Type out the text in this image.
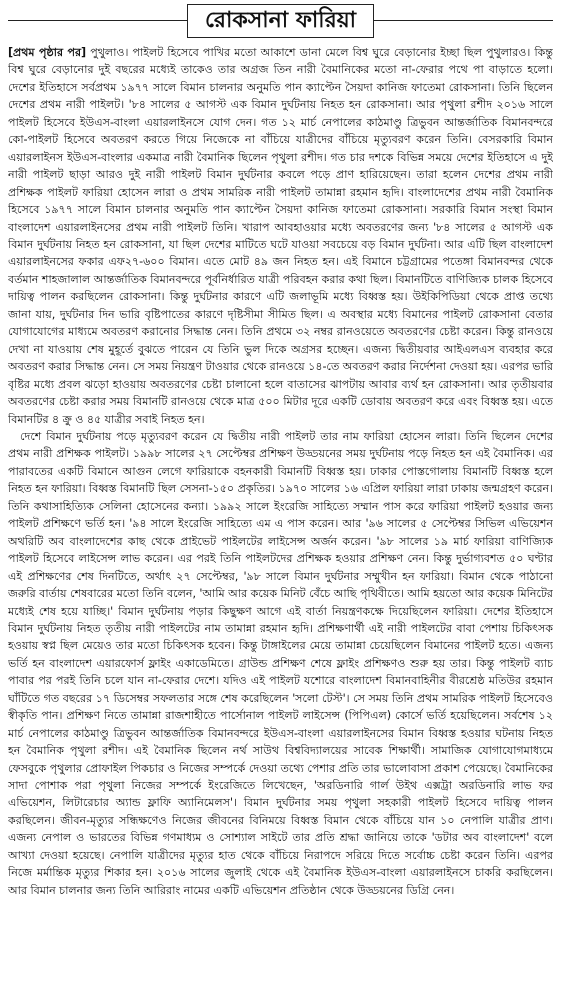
রোকসানা ফারিয়া

[প্রথম পৃষ্ঠার পর] পুথুলাও। পাইলট হিসেবে পাখির মতো আকাশে ডানা মেলে বিশ্ব ঘুরে বেড়ানোর ইচ্ছা ছিল পুথুলারও। কিন্তু বিশ্ব ঘুরে বেড়ানোর দুই বছরের মধ্যেই তাকেও তার অগ্রজ তিন নারী বৈমানিকের মতো না-ফেরার পথে পা বাড়াতে হলো। দেশের ইতিহাসে সর্বপ্রথম ১৯৭৭ সালে বিমান চালনার অনুমতি পান ক্যাপ্টেন সৈয়দা কানিজ ফাতেমা রোকসানা। তিনি ছিলেন দেশের প্রথম নারী পাইলট। '৮৪ সালের ৫ আগস্ট এক বিমান দুর্ঘটনায় নিহত হন রোকসানা। আর পৃথুলা রশীদ ২০১৬ সালে পাইলট হিসেবে ইউএস-বাংলা এয়ারলাইনসে যোগ দেন। গত ১২ মার্চ নেপালের কাঠমাণ্ডু ত্রিভুবন আন্তর্জাতিক বিমানবন্দরে কো-পাইলট হিসেবে অবতরণ করতে গিয়ে নিজেকে না বাঁচিয়ে যাত্রীদের বাঁচিয়ে মৃত্যুবরণ করেন তিনি। বেসরকারি বিমান এয়ারলাইনস ইউএস-বাংলার একমাত্র নারী বৈমানিক ছিলেন পৃথুলা রশীদ। গত চার দশকে বিভিন্ন সময়ে দেশের ইতিহাসে এ দুই নারী পাইলট ছাড়া আরও দুই নারী পাইলট বিমান দুর্ঘটনার কবলে পড়ে প্রাণ হারিয়েছেন। তারা হলেন দেশের প্রথম নারী প্রশিক্ষক পাইলট ফারিয়া হোসেন লারা ও প্রথম সামরিক নারী পাইলট তামান্না রহমান হৃদি। বাংলাদেশের প্রথম নারী বৈমানিক হিসেবে ১৯৭৭ সালে বিমান চালনার অনুমতি পান ক্যাপ্টেন সৈয়দা কানিজ ফাতেমা রোকসানা। সরকারি বিমান সংস্থা বিমান বাংলাদেশ এয়ারলাইনসের প্রথম নারী পাইলট তিনি। খারাপ আবহাওয়ার মধ্যে অবতরণের জন্য '৮৪ সালের ৫ আগস্ট এক বিমান দুর্ঘটনায় নিহত হন রোকসানা, যা ছিল দেশের মাটিতে ঘটে যাওয়া সবচেয়ে বড় বিমান দুর্ঘটনা। আর এটি ছিল বাংলাদেশ এয়ারলাইনসের ফকার এফ২৭-৬০০ বিমান। এতে মোট ৪৯ জন নিহত হন। এই বিমানে চট্টগ্রামের পতেঙ্গা বিমানবন্দর থেকে বর্তমান শাহজালাল আন্তর্জাতিক বিমানবন্দরে পূর্বনির্ধারিত যাত্রী পরিবহন করার কথা ছিল। বিমানটিতে বাণিজ্যিক চালক হিসেবে দায়িত্ব পালন করছিলেন রোকসানা। কিন্তু দুর্ঘটনার কারণে এটি জলাভূমি মধ্যে বিধ্বস্ত হয়। উইকিপিডিয়া থেকে প্রাপ্ত তথ্যে জানা যায়, দুর্ঘটনার দিন ভারি বৃষ্টিপাতের কারণে দৃষ্টিসীমা সীমিত ছিল। এ অবস্থার মধ্যে বিমানের পাইলট রোকসানা বেতার যোগাযোগের মাধ্যমে অবতরণ করানোর সিদ্ধান্ত নেন। তিনি প্রথমে ৩২ নম্বর রানওয়েতে অবতরণের চেষ্টা করেন। কিন্তু রানওয়ে দেখা না যাওয়ায় শেষ মুহূর্তে বুঝতে পারেন যে তিনি ভুল দিকে অগ্রসর হচ্ছেন। এজন্য দ্বিতীয়বার আইএলএস ব্যবহার করে অবতরণ করার সিদ্ধান্ত নেন। সে সময় নিয়ন্ত্রণ টাওয়ার থেকে রানওয়ে ১৪-তে অবতরণ করার নির্দেশনা দেওয়া হয়। এরপর ভারি বৃষ্টির মধ্যে প্রবল ঝড়ো হাওয়ায় অবতরণের চেষ্টা চালানো হলে বাতাসের ঝাপটায় আবার ব্যর্থ হন রোকসানা। আর তৃতীয়বার অবতরণের চেষ্টা করার সময় বিমানটি রানওয়ে থেকে মাত্র ৫০০ মিটার দূরে একটি ডোবায় অবতরণ করে এবং বিধ্বস্ত হয়। এতে বিমানটির ৪ ক্রু ও ৪৫ যাত্রীর সবাই নিহত হন।

দেশে বিমান দুর্ঘটনায় পড়ে মৃত্যুবরণ করেন যে দ্বিতীয় নারী পাইলট তার নাম ফারিয়া হোসেন লারা। তিনি ছিলেন দেশের প্রথম নারী প্রশিক্ষক পাইলট। ১৯৯৮ সালের ২৭ সেপ্টেম্বর প্রশিক্ষণ উড্ডয়নের সময় দুর্ঘটনায় পড়ে নিহত হন এই বৈমানিক। এর পারাবতের একটি বিমানে আগুন লেগে ফারিয়াকে বহনকারী বিমানটি বিধ্বস্ত হয়। ঢাকার পোস্তগোলায় বিমানটি বিধ্বস্ত হলে নিহত হন ফারিয়া। বিধ্বস্ত বিমানটি ছিল সেসনা-১৫০ প্রকৃতির। ১৯৭০ সালের ১৬ এপ্রিল ফারিয়া লারা ঢাকায় জন্মগ্রহণ করেন। তিনি কথাসাহিত্যিক সেলিনা হোসেনের কন্যা। ১৯৯২ সালে ইংরেজি সাহিত্যে সম্মান পাস করে ফারিয়া পাইলট হওয়ার জন্য পাইলট প্রশিক্ষণে ভর্তি হন। '৯৪ সালে ইংরেজি সাহিত্যে এম এ পাস করেন। আর '৯৬ সালের ৫ সেপ্টেম্বর সিভিল এভিয়েশন অথরিটি অব বাংলাদেশের কাছ থেকে প্রাইভেট পাইলটের লাইসেন্স অর্জন করেন। '৯৮ সালের ১৯ মার্চ ফারিয়া বাণিজ্যিক পাইলট হিসেবে লাইসেন্স লাভ করেন। এর পরই তিনি পাইলটদের প্রশিক্ষক হওয়ার প্রশিক্ষণ নেন। কিন্তু দুর্ভাগ্যবশত ৫০ ঘণ্টার এই প্রশিক্ষণের শেষ দিনটিতে, অর্থাৎ ২৭ সেপ্টেম্বর, '৯৮ সালে বিমান দুর্ঘটনার সম্মুখীন হন ফারিয়া। বিমান থেকে পাঠানো জরুরি বার্তায় শেষবারের মতো তিনি বলেন, 'আমি আর কয়েক মিনিট বেঁচে আছি পৃথিবীতে। আমি হয়তো আর কয়েক মিনিটের মধ্যেই শেষ হয়ে যাচ্ছি।' বিমান দুর্ঘটনায় পড়ার কিছুক্ষণ আগে এই বার্তা নিয়ন্ত্রণকক্ষে দিয়েছিলেন ফারিয়া। দেশের ইতিহাসে বিমান দুর্ঘটনায় নিহত তৃতীয় নারী পাইলটের নাম তামান্না রহমান হৃদি। প্রশিক্ষণার্থী এই নারী পাইলটের বাবা পেশায় চিকিৎসক হওয়ায় স্বপ্ন ছিল মেয়েও তার মতো চিকিৎসক হবেন। কিন্তু টাঙ্গাইলের মেয়ে তামান্না চেয়েছিলেন বিমানের পাইলট হতে। এজন্য ভর্তি হন বাংলাদেশ এয়ারফোর্স ফ্লাইং একাডেমিতে। গ্রাউন্ড প্রশিক্ষণ শেষে ফ্লাইং প্রশিক্ষণও শুরু হয় তার। কিন্তু পাইলট ব্যাচ পাবার পর পরই তিনি চলে যান না-ফেরার দেশে। যদিও এই পাইলট যশোরে বাংলাদেশ বিমানবাহিনীর বীরশ্রেষ্ঠ মতিউর রহমান ঘাঁটিতে গত বছরের ১৭ ডিসেম্বর সফলতার সঙ্গে শেষ করেছিলেন 'সলো টেস্ট'। সে সময় তিনি প্রথম সামরিক পাইলট হিসেবেও স্বীকৃতি পান। প্রশিক্ষণ নিতে তামান্না রাজশাহীতে পার্সোনাল পাইলট লাইসেন্স (পিপিএল) কোর্সে ভর্তি হয়েছিলেন। সর্বশেষ ১২ মার্চ নেপালের কাঠমাণ্ডু ত্রিভুবন আন্তর্জাতিক বিমানবন্দরে ইউএস-বাংলা এয়ারলাইনসের বিমান বিধ্বস্ত হওয়ার ঘটনায় নিহত হন বৈমানিক পৃথুলা রশীদ। এই বৈমানিক ছিলেন নর্থ সাউথ বিশ্ববিদ্যালয়ের সাবেক শিক্ষার্থী। সামাজিক যোগাযোগমাধ্যমে ফেসবুকে পৃথুলার প্রোফাইল পিকচার ও নিজের সম্পর্কে দেওয়া তথ্যে পেশার প্রতি তার ভালোবাসা প্রকাশ পেয়েছে। বৈমানিকের সাদা পোশাক পরা পৃথুলা নিজের সম্পর্কে ইংরেজিতে লিখেছেন, 'অরডিনারি গার্ল উইথ এক্সট্রা অরডিনারি লাভ ফর এভিয়েশন, লিটারেচার অ্যান্ড ফ্লাফি অ্যানিমেলস'। বিমান দুর্ঘটনার সময় পৃথুলা সহকারী পাইলট হিসেবে দায়িত্ব পালন করছিলেন। জীবন-মৃত্যুর সন্ধিক্ষণেও নিজের জীবনের বিনিময়ে বিধ্বস্ত বিমান থেকে বাঁচিয়ে যান ১০ নেপালি যাত্রীর প্রাণ। এজন্য নেপাল ও ভারতের বিভিন্ন গণমাধ্যম ও সোশ্যাল সাইটে তার প্রতি শ্রদ্ধা জানিয়ে তাকে 'ডটার অব বাংলাদেশ' বলে আখ্যা দেওয়া হয়েছে। নেপালি যাত্রীদের মৃত্যুর হাত থেকে বাঁচিয়ে নিরাপদে সরিয়ে দিতে সর্বোচ্চ চেষ্টা করেন তিনি। এরপর নিজে মর্মান্তিক মৃত্যুর শিকার হন। ২০১৬ সালের জুলাই থেকে এই বৈমানিক ইউএস-বাংলা এয়ারলাইনসে চাকরি করছিলেন। আর বিমান চালনার জন্য তিনি আরিরাং নামের একটি এভিয়েশন প্রতিষ্ঠান থেকে উড্ডয়নের ডিগ্রি নেন।
